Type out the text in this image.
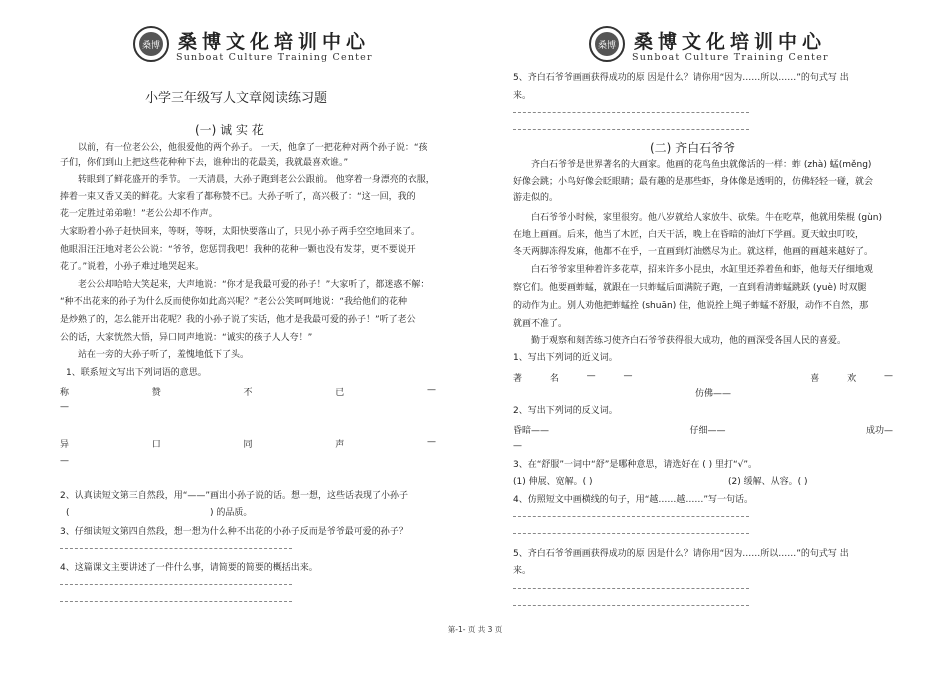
桑博 桑博文化培训中心
Sunboat Culture Training Center
小学三年级写人文章阅读练习题
(一) 诚 实 花
以前，有一位老公公，他很爱他的两个孙子。 一天，他拿了一把花种对两个孙子说：“孩
子们，你们到山上把这些花种种下去，谁种出的花最美，我就最喜欢谁。”
转眼到了鲜花盛开的季节。 一天清晨，大孙子跑到老公公跟前。 他穿着一身漂亮的衣服，
捧着一束又香又美的鲜花。大家看了都称赞不已。大孙子听了，高兴极了：“这一回，我的
花一定胜过弟弟啦！”老公公却不作声。
大家盼着小孙子赶快回来，等呀，等呀，太阳快要落山了，只见小孙子两手空空地回来了。
他眼泪汪汪地对老公公说：“爷爷，您惩罚我吧！我种的花种一颗也没有发芽，更不要说开
花了。”说着，小孙子难过地哭起来。
老公公却哈哈大笑起来，大声地说：“你才是我最可爱的孙子！”大家听了，都迷惑不解：
“种不出花来的孙子为什么反而使你如此高兴呢？”老公公笑呵呵地说：“我给他们的花种
是炒熟了的，怎么能开出花呢？我的小孙子说了实话，他才是我最可爱的孙子！”听了老公
公的话，大家恍然大悟，异口同声地说：“诚实的孩子人人夸！”
站在一旁的大孙子听了，羞愧地低下了头。
1、联系短文写出下列词语的意思。
称	赞	不	已	—
—
异	口	同	声	—
—
2、认真读短文第三自然段，用“——”画出小孙子说的话。想一想，这些话表现了小孙子
(	) 的品质。
3、仔细读短文第四自然段，想一想为什么种不出花的小孙子反而是爷爷最可爱的孙子？
4、这篇课文主要讲述了一件什么事，请简要的简要的概括出来。
桑博 桑博文化培训中心
Sunboat Culture Training Center
5、齐白石爷爷画画获得成功的原 因是什么？请你用“因为……所以……”的句式写 出
来。
(二) 齐白石爷爷
齐白石爷爷是世界著名的大画家。他画的花鸟鱼虫就像活的一样：蚱 (zhà) 蜢(měng)
好像会跳；小鸟好像会眨眼睛；最有趣的是那些虾，身体像是透明的，仿佛轻轻一碰，就会
游走似的。
白石爷爷小时候，家里很穷。他八岁就给人家放牛、砍柴。牛在吃草，他就用柴棍 (gùn)
在地上画画。后来，他当了木匠，白天干活，晚上在昏暗的油灯下学画。夏天蚊虫叮咬，
冬天两脚冻得发麻，他都不在乎，一直画到灯油燃尽为止。就这样，他画的画越来越好了。
白石爷爷家里种着许多花草，招来许多小昆虫，水缸里还养着鱼和虾，他每天仔细地观
察它们。他要画蚱蜢，就跟在一只蚱蜢后面满院子跑，一直到看清蚱蜢跳跃 (yuè) 时双腿
的动作为止。别人劝他把蚱蜢拴 (shuān) 住，他说拴上绳子蚱蜢不舒服，动作不自然，那
就画不准了。
勤于观察和刻苦练习使齐白石爷爷获得很大成功，他的画深受各国人民的喜爱。
1、写出下列词的近义词。
著	名	—	—	喜	欢	—
仿佛——
2、写出下列词的反义词。
昏暗——	仔细——	成功—
—
3、在“舒服”一词中“舒”是哪种意思，请选好在 ( ) 里打“√”。
(1) 伸展、宽解。( )	(2) 缓解、从容。( )
4、仿照短文中画横线的句子，用“越……越……”写一句话。
5、齐白石爷爷画画获得成功的原 因是什么？请你用“因为……所以……”的句式写 出
来。
第-1- 页 共 3 页
